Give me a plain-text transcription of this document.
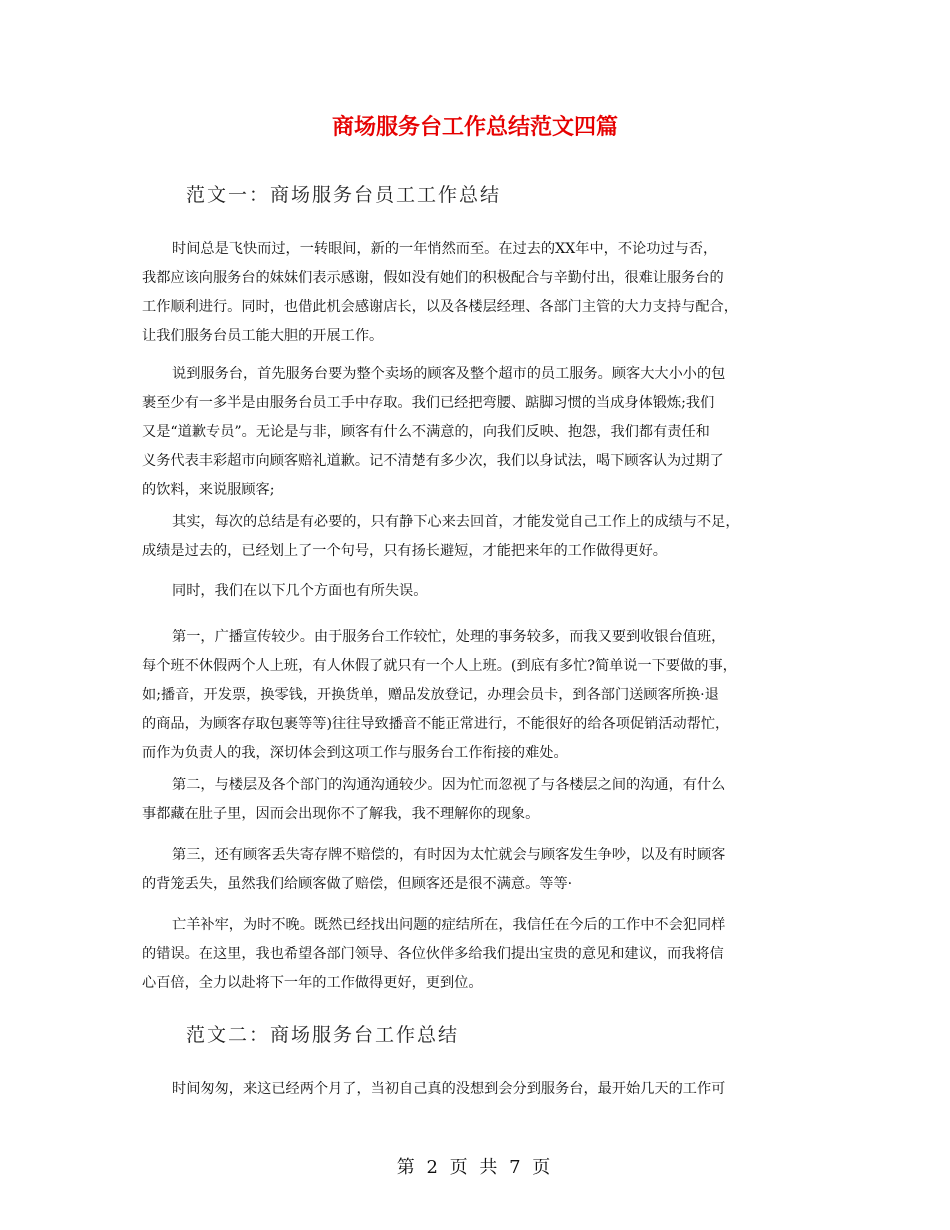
商场服务台工作总结范文四篇
范文一：商场服务台员工工作总结
时间总是飞快而过，一转眼间，新的一年悄然而至。在过去的XX年中，不论功过与否，
我都应该向服务台的妹妹们表示感谢，假如没有她们的积极配合与辛勤付出，很难让服务台的
工作顺利进行。同时，也借此机会感谢店长，以及各楼层经理、各部门主管的大力支持与配合，
让我们服务台员工能大胆的开展工作。
说到服务台，首先服务台要为整个卖场的顾客及整个超市的员工服务。顾客大大小小的包
裹至少有一多半是由服务台员工手中存取。我们已经把弯腰、踮脚习惯的当成身体锻炼;我们
又是“道歉专员”。无论是与非，顾客有什么不满意的，向我们反映、抱怨，我们都有责任和
义务代表丰彩超市向顾客赔礼道歉。记不清楚有多少次，我们以身试法，喝下顾客认为过期了
的饮料，来说服顾客;
其实，每次的总结是有必要的，只有静下心来去回首，才能发觉自己工作上的成绩与不足，
成绩是过去的，已经划上了一个句号，只有扬长避短，才能把来年的工作做得更好。
同时，我们在以下几个方面也有所失误。
第一，广播宣传较少。由于服务台工作较忙，处理的事务较多，而我又要到收银台值班，
每个班不休假两个人上班，有人休假了就只有一个人上班。(到底有多忙?简单说一下要做的事，
如;播音，开发票，换零钱，开换货单，赠品发放登记，办理会员卡，到各部门送顾客所换·退
的商品，为顾客存取包裹等等)往往导致播音不能正常进行，不能很好的给各项促销活动帮忙，
而作为负责人的我，深切体会到这项工作与服务台工作衔接的难处。
第二，与楼层及各个部门的沟通沟通较少。因为忙而忽视了与各楼层之间的沟通，有什么
事都藏在肚子里，因而会出现你不了解我，我不理解你的现象。
第三，还有顾客丢失寄存牌不赔偿的，有时因为太忙就会与顾客发生争吵，以及有时顾客
的背笼丢失，虽然我们给顾客做了赔偿，但顾客还是很不满意。等等·
亡羊补牢，为时不晚。既然已经找出问题的症结所在，我信任在今后的工作中不会犯同样
的错误。在这里，我也希望各部门领导、各位伙伴多给我们提出宝贵的意见和建议，而我将信
心百倍，全力以赴将下一年的工作做得更好，更到位。
范文二：商场服务台工作总结
时间匆匆，来这已经两个月了，当初自己真的没想到会分到服务台，最开始几天的工作可
第 2 页 共 7 页
